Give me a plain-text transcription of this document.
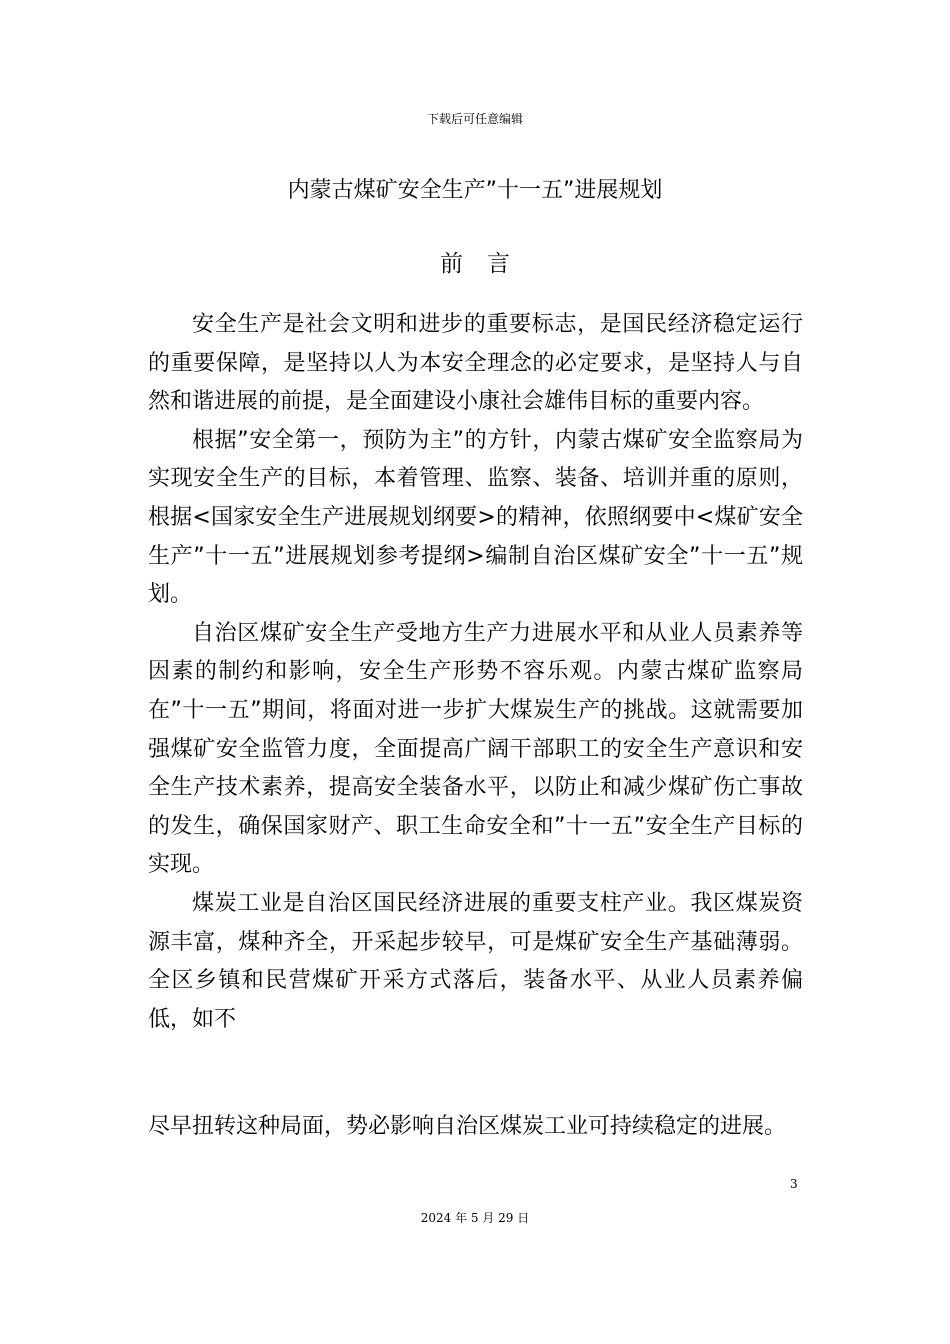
下载后可任意编辑
内蒙古煤矿安全生产”十一五”进展规划
前言

安全生产是社会文明和进步的重要标志，是国民经济稳定运行的重要保障，是坚持以人为本安全理念的必定要求，是坚持人与自然和谐进展的前提，是全面建设小康社会雄伟目标的重要内容。

根据”安全第一，预防为主”的方针，内蒙古煤矿安全监察局为实现安全生产的目标，本着管理、监察、装备、培训并重的原则，根据<国家安全生产进展规划纲要>的精神，依照纲要中<煤矿安全生产”十一五”进展规划参考提纲>编制自治区煤矿安全”十一五”规划。

自治区煤矿安全生产受地方生产力进展水平和从业人员素养等因素的制约和影响，安全生产形势不容乐观。内蒙古煤矿监察局在”十一五”期间，将面对进一步扩大煤炭生产的挑战。这就需要加强煤矿安全监管力度，全面提高广阔干部职工的安全生产意识和安全生产技术素养，提高安全装备水平，以防止和减少煤矿伤亡事故的发生，确保国家财产、职工生命安全和”十一五”安全生产目标的实现。

煤炭工业是自治区国民经济进展的重要支柱产业。我区煤炭资源丰富，煤种齐全，开采起步较早，可是煤矿安全生产基础薄弱。全区乡镇和民营煤矿开采方式落后，装备水平、从业人员素养偏低，如不

尽早扭转这种局面，势必影响自治区煤炭工业可持续稳定的进展。

3
2024 年 5 月 29 日
